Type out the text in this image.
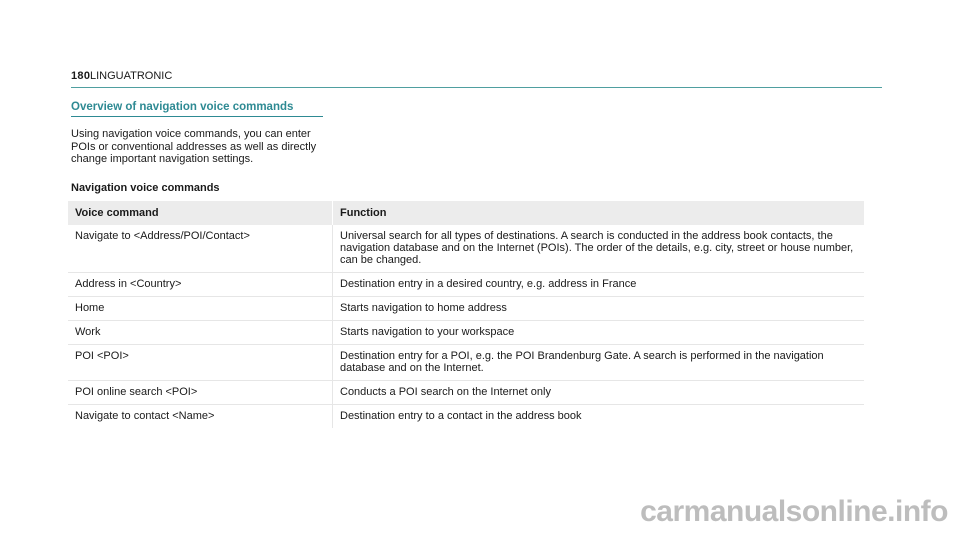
180 LINGUATRONIC
Overview of navigation voice commands
Using navigation voice commands, you can enter POIs or conventional addresses as well as directly change important navigation settings.
Navigation voice commands
Voice command	Function
Navigate to <Address/POI/Contact>	Universal search for all types of destinations. A search is conducted in the address book contacts, the navigation database and on the Internet (POIs). The order of the details, e.g. city, street or house number, can be changed.
Address in <Country>	Destination entry in a desired country, e.g. address in France
Home	Starts navigation to home address
Work	Starts navigation to your workspace
POI <POI>	Destination entry for a POI, e.g. the POI Brandenburg Gate. A search is performed in the navigation database and on the Internet.
POI online search <POI>	Conducts a POI search on the Internet only
Navigate to contact <Name>	Destination entry to a contact in the address book
carmanualsonline.info
